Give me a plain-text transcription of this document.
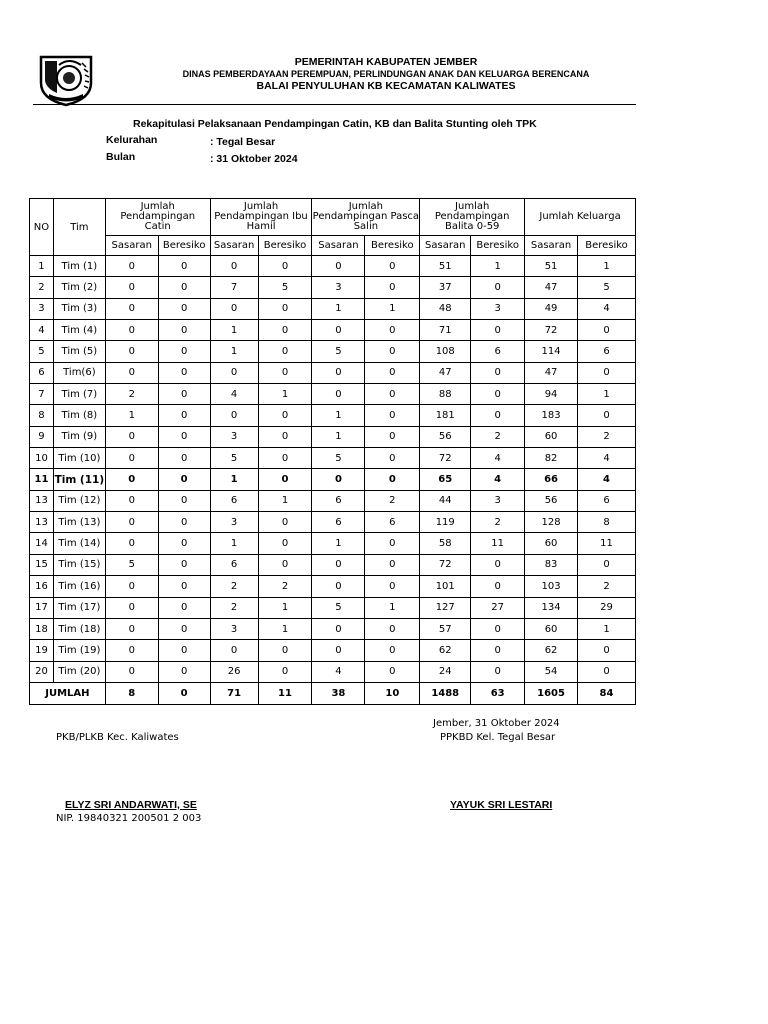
PEMERINTAH KABUPATEN JEMBER
DINAS PEMBERDAYAAN PEREMPUAN, PERLINDUNGAN ANAK DAN KELUARGA BERENCANA
BALAI PENYULUHAN KB KECAMATAN KALIWATES
Rekapitulasi Pelaksanaan Pendampingan Catin, KB dan Balita Stunting oleh TPK
Kelurahan	: Tegal Besar
Bulan	: 31 Oktober 2024
NO	Tim	Jumlah Pendampingan Catin		Jumlah Pendampingan Ibu Hamil		Jumlah Pendampingan Pasca Salin		Jumlah Pendampingan Balita 0-59		Jumlah Keluarga	
		Sasaran	Beresiko	Sasaran	Beresiko	Sasaran	Beresiko	Sasaran	Beresiko	Sasaran	Beresiko
1	Tim (1)	0	0	0	0	0	0	51	1	51	1
2	Tim (2)	0	0	7	5	3	0	37	0	47	5
3	Tim (3)	0	0	0	0	1	1	48	3	49	4
4	Tim (4)	0	0	1	0	0	0	71	0	72	0
5	Tim (5)	0	0	1	0	5	0	108	6	114	6
6	Tim(6)	0	0	0	0	0	0	47	0	47	0
7	Tim (7)	2	0	4	1	0	0	88	0	94	1
8	Tim (8)	1	0	0	0	1	0	181	0	183	0
9	Tim (9)	0	0	3	0	1	0	56	2	60	2
10	Tim (10)	0	0	5	0	5	0	72	4	82	4
11	Tim (11)	0	0	1	0	0	0	65	4	66	4
13	Tim (12)	0	0	6	1	6	2	44	3	56	6
13	Tim (13)	0	0	3	0	6	6	119	2	128	8
14	Tim (14)	0	0	1	0	1	0	58	11	60	11
15	Tim (15)	5	0	6	0	0	0	72	0	83	0
16	Tim (16)	0	0	2	2	0	0	101	0	103	2
17	Tim (17)	0	0	2	1	5	1	127	27	134	29
18	Tim (18)	0	0	3	1	0	0	57	0	60	1
19	Tim (19)	0	0	0	0	0	0	62	0	62	0
20	Tim (20)	0	0	26	0	4	0	24	0	54	0
JUMLAH		8	0	71	11	38	10	1488	63	1605	84
Jember, 31 Oktober 2024
PKB/PLKB Kec. Kaliwates	PPKBD Kel. Tegal Besar
ELYZ SRI ANDARWATI, SE
NIP. 19840321 200501 2 003
YAYUK SRI LESTARI
